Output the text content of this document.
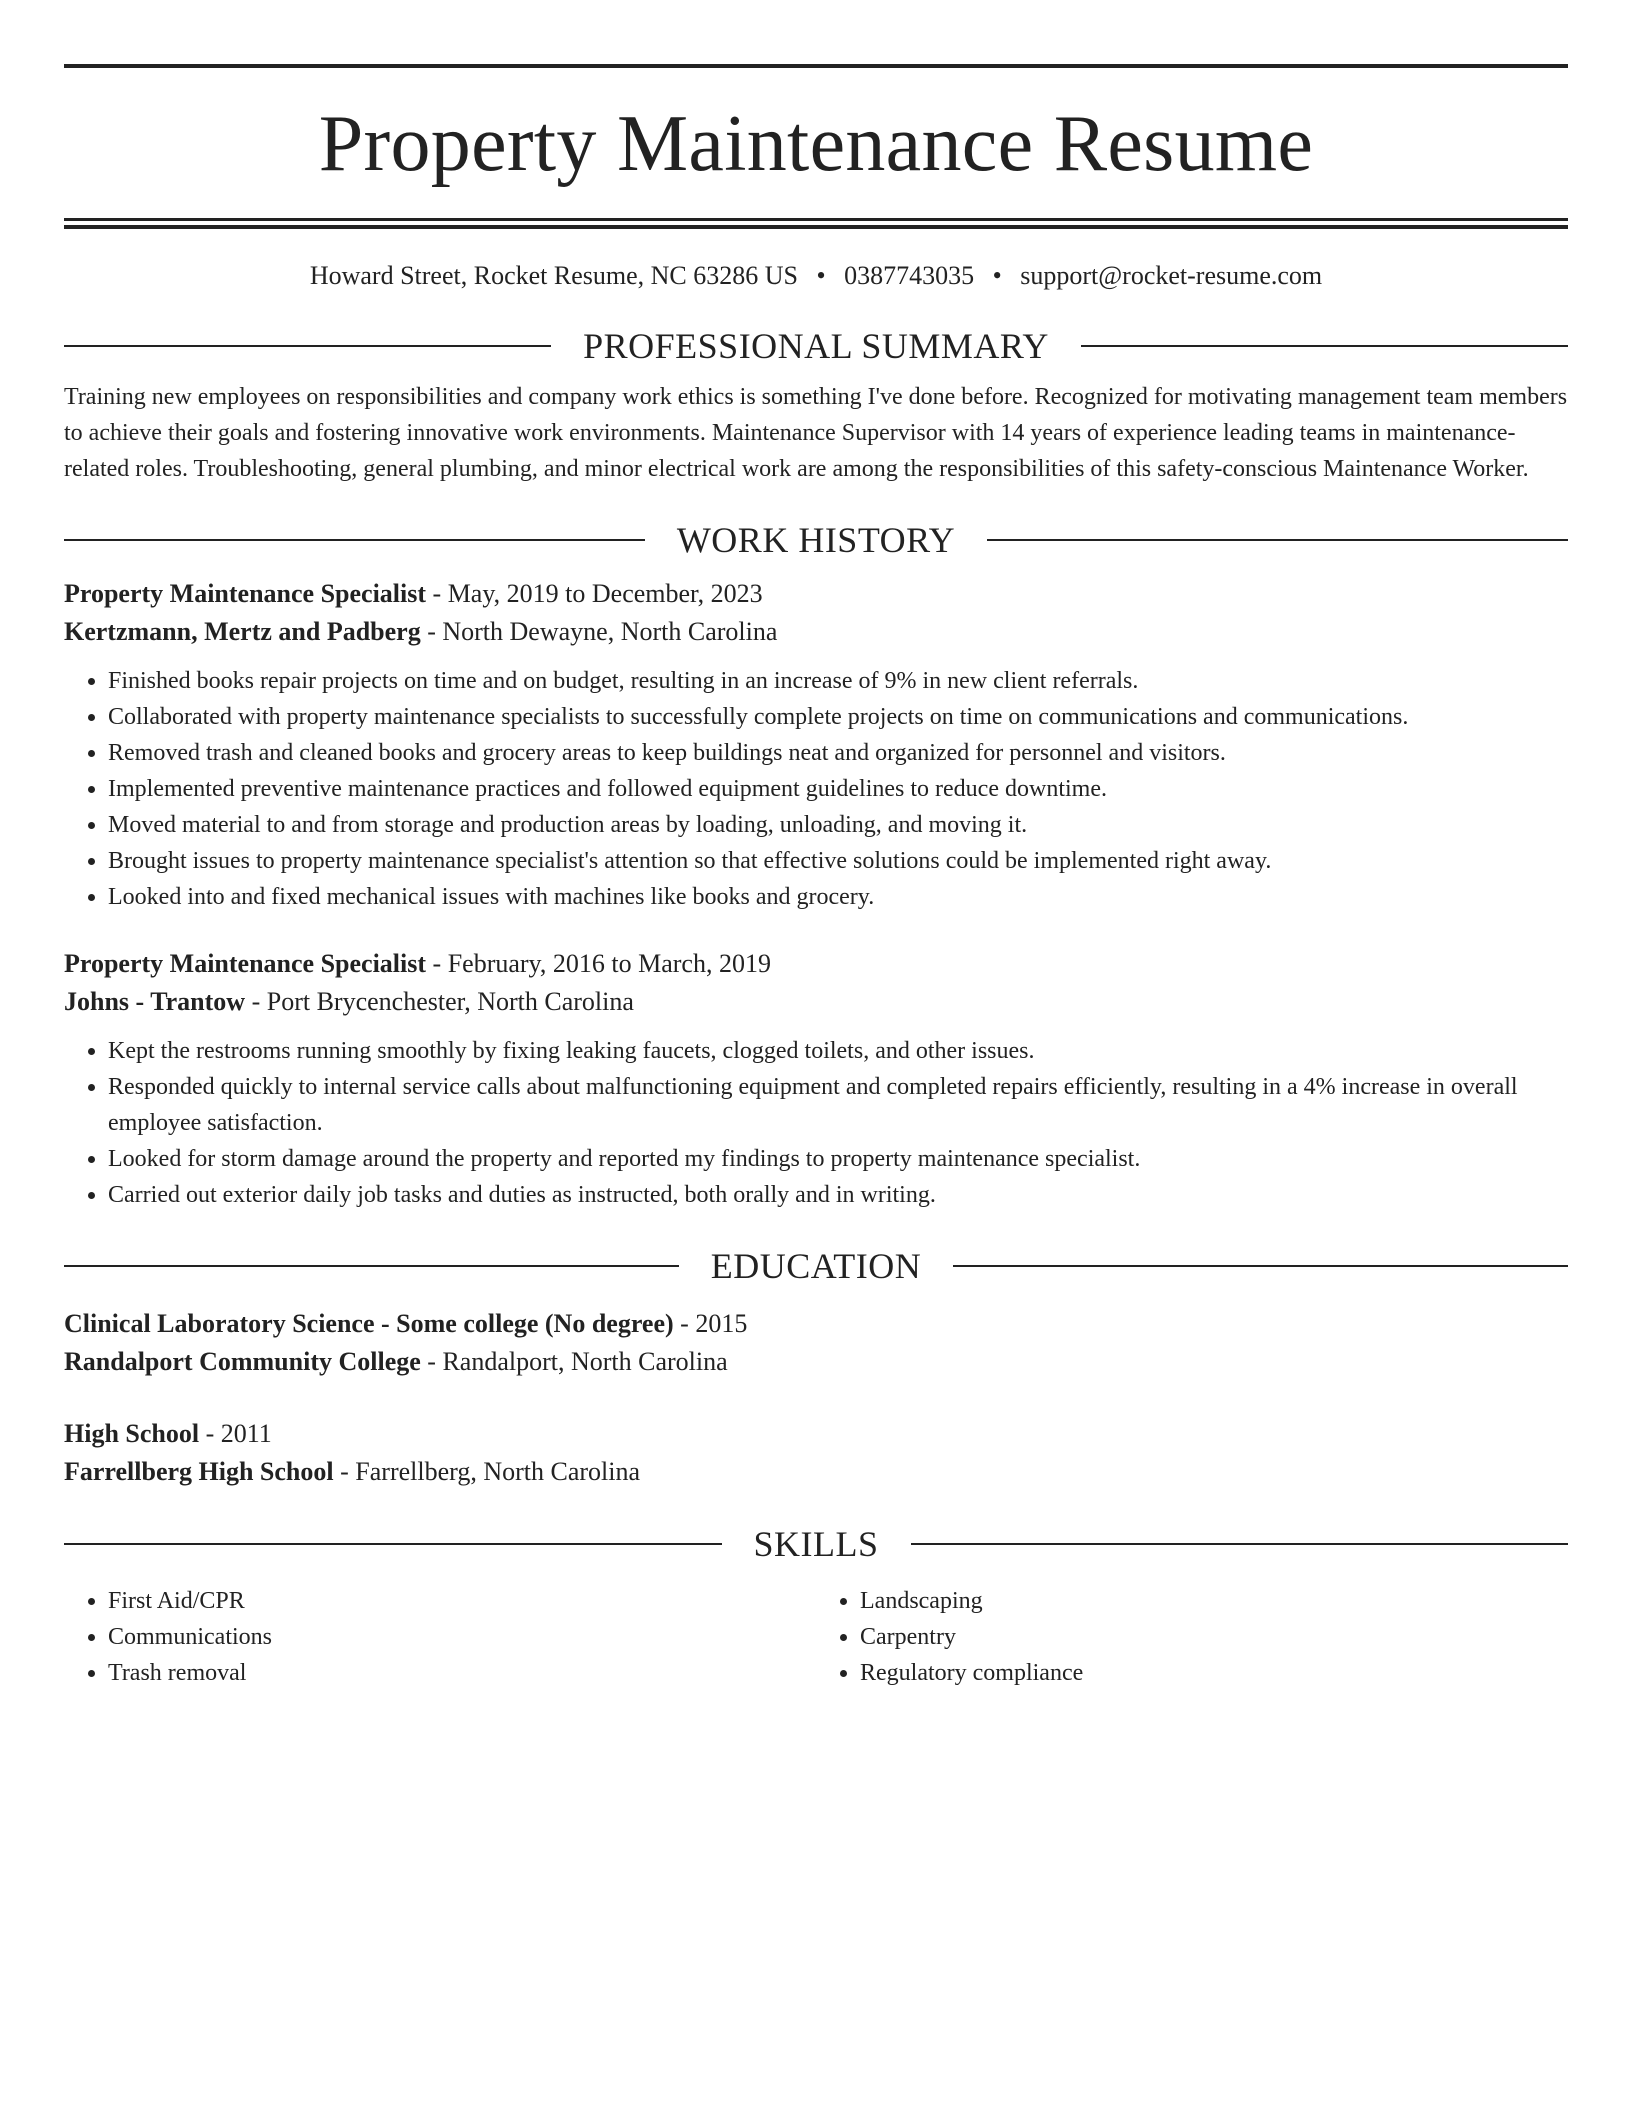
Property Maintenance Resume
Howard Street, Rocket Resume, NC 63286 US • 0387743035 • support@rocket-resume.com
PROFESSIONAL SUMMARY

Training new employees on responsibilities and company work ethics is something I've done before. Recognized for motivating management team members to achieve their goals and fostering innovative work environments. Maintenance Supervisor with 14 years of experience leading teams in maintenance-related roles. Troubleshooting, general plumbing, and minor electrical work are among the responsibilities of this safety-conscious Maintenance Worker.

WORK HISTORY
Property Maintenance Specialist - May, 2019 to December, 2023
Kertzmann, Mertz and Padberg - North Dewayne, North Carolina
• Finished books repair projects on time and on budget, resulting in an increase of 9% in new client referrals.
• Collaborated with property maintenance specialists to successfully complete projects on time on communications and communications.
• Removed trash and cleaned books and grocery areas to keep buildings neat and organized for personnel and visitors.
• Implemented preventive maintenance practices and followed equipment guidelines to reduce downtime.
• Moved material to and from storage and production areas by loading, unloading, and moving it.
• Brought issues to property maintenance specialist's attention so that effective solutions could be implemented right away.
• Looked into and fixed mechanical issues with machines like books and grocery.
Property Maintenance Specialist - February, 2016 to March, 2019
Johns - Trantow - Port Brycenchester, North Carolina
• Kept the restrooms running smoothly by fixing leaking faucets, clogged toilets, and other issues.
• Responded quickly to internal service calls about malfunctioning equipment and completed repairs efficiently, resulting in a 4% increase in overall employee satisfaction.
• Looked for storm damage around the property and reported my findings to property maintenance specialist.
• Carried out exterior daily job tasks and duties as instructed, both orally and in writing.
EDUCATION
Clinical Laboratory Science - Some college (No degree) - 2015
Randalport Community College - Randalport, North Carolina
High School - 2011
Farrellberg High School - Farrellberg, North Carolina
SKILLS
• First Aid/CPR
• Communications
• Trash removal
• Landscaping
• Carpentry
• Regulatory compliance
